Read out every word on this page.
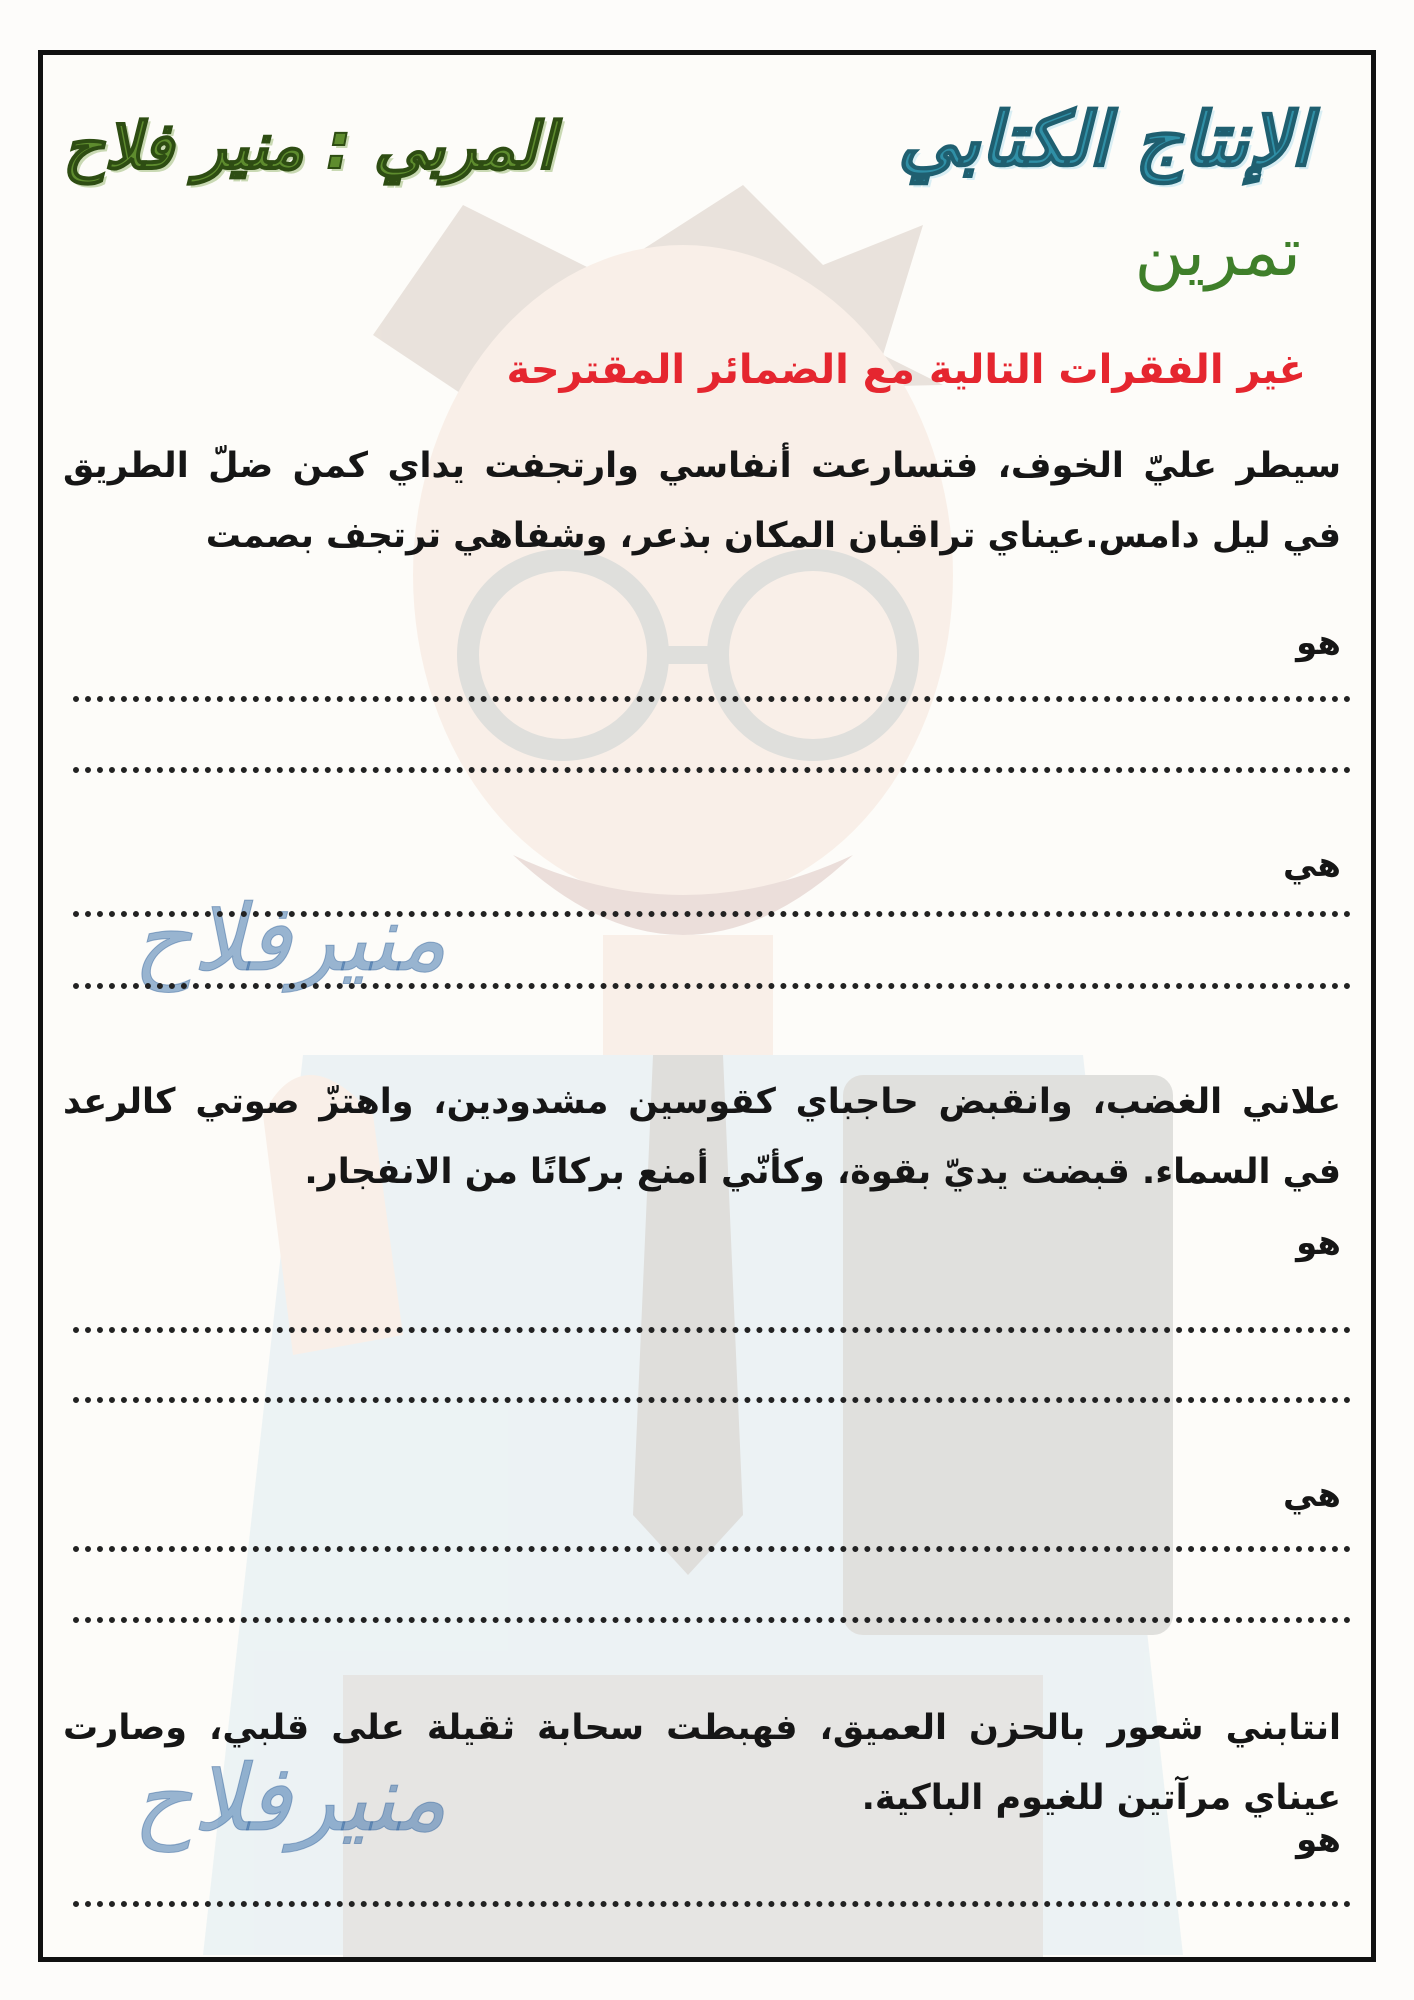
الإنتاج الكتابي
تمرين
المربي : منير فلاح
غير الفقرات التالية مع الضمائر المقترحة
منيرفلاح
منيرفلاح
سيطر عليّ الخوف، فتسارعت أنفاسي وارتجفت يداي كمن ضلّ الطريق في ليل دامس.عيناي تراقبان المكان بذعر، وشفاهي ترتجف بصمت
هو
هي
علاني الغضب، وانقبض حاجباي كقوسين مشدودين، واهتزّ صوتي كالرعد في السماء. قبضت يديّ بقوة، وكأنّي أمنع بركانًا من الانفجار.
هو
هي
انتابني شعور بالحزن العميق، فهبطت سحابة ثقيلة على قلبي، وصارت عيناي مرآتين للغيوم الباكية.
هو
